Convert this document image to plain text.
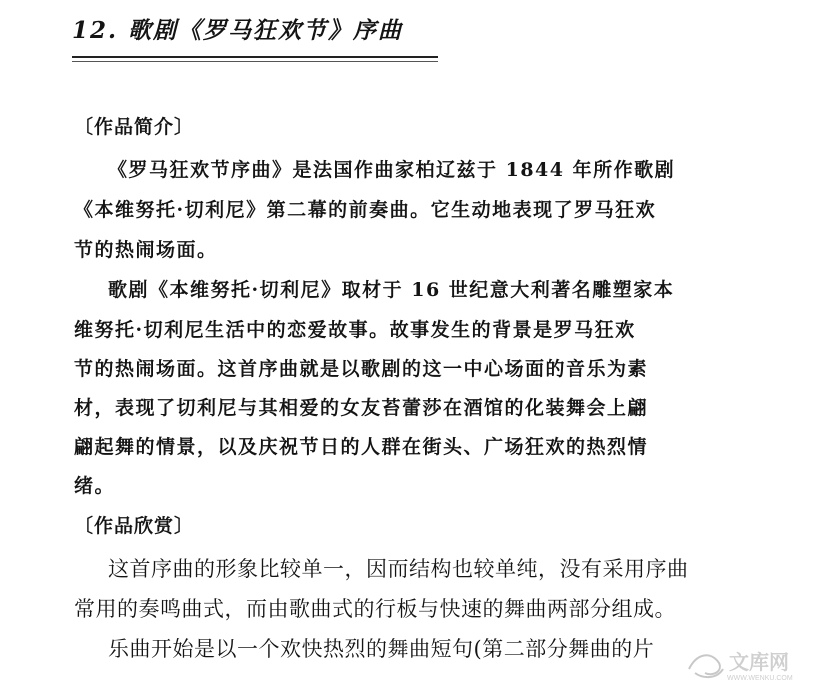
12. 歌剧《罗马狂欢节》序曲
〔作品简介〕
《罗马狂欢节序曲》是法国作曲家柏辽兹于 1844 年所作歌剧
《本维努托·切利尼》第二幕的前奏曲。它生动地表现了罗马狂欢
节的热闹场面。
歌剧《本维努托·切利尼》取材于 16 世纪意大利著名雕塑家本
维努托·切利尼生活中的恋爱故事。故事发生的背景是罗马狂欢
节的热闹场面。这首序曲就是以歌剧的这一中心场面的音乐为素
材，表现了切利尼与其相爱的女友苔蕾莎在酒馆的化装舞会上翩
翩起舞的情景，以及庆祝节日的人群在街头、广场狂欢的热烈情
绪。
〔作品欣赏〕
这首序曲的形象比较单一，因而结构也较单纯，没有采用序曲
常用的奏鸣曲式，而由歌曲式的行板与快速的舞曲两部分组成。
乐曲开始是以一个欢快热烈的舞曲短句(第二部分舞曲的片
文库网
WWW.WENKU.COM
